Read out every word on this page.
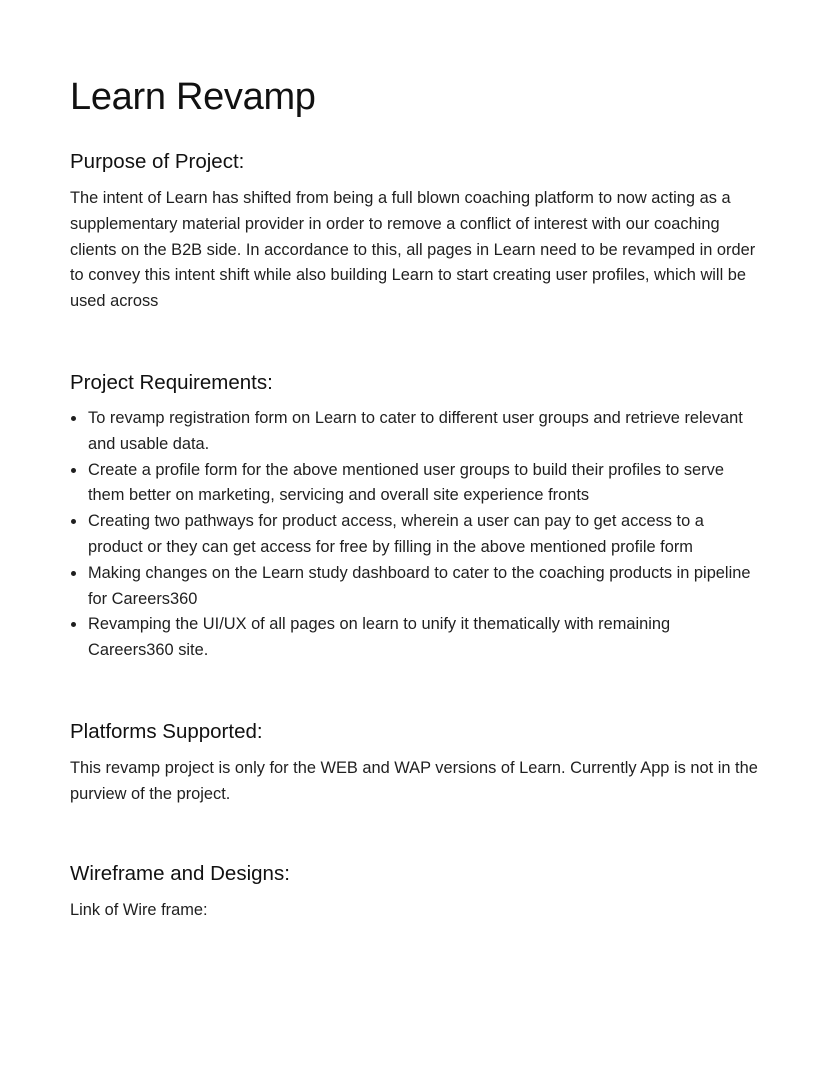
Learn Revamp
Purpose of Project:

The intent of Learn has shifted from being a full blown coaching platform to now acting as a supplementary material provider in order to remove a conflict of interest with our coaching clients on the B2B side. In accordance to this, all pages in Learn need to be revamped in order to convey this intent shift while also building Learn to start creating user profiles, which will be used across

Project Requirements:
To revamp registration form on Learn to cater to different user groups and retrieve relevant and usable data.
Create a profile form for the above mentioned user groups to build their profiles to serve them better on marketing, servicing and overall site experience fronts
Creating two pathways for product access, wherein a user can pay to get access to a product or they can get access for free by filling in the above mentioned profile form
Making changes on the Learn study dashboard to cater to the coaching products in pipeline for Careers360
Revamping the UI/UX of all pages on learn to unify it thematically with remaining Careers360 site.
Platforms Supported:

This revamp project is only for the WEB and WAP versions of Learn. Currently App is not in the purview of the project.

Wireframe and Designs:

Link of Wire frame:
